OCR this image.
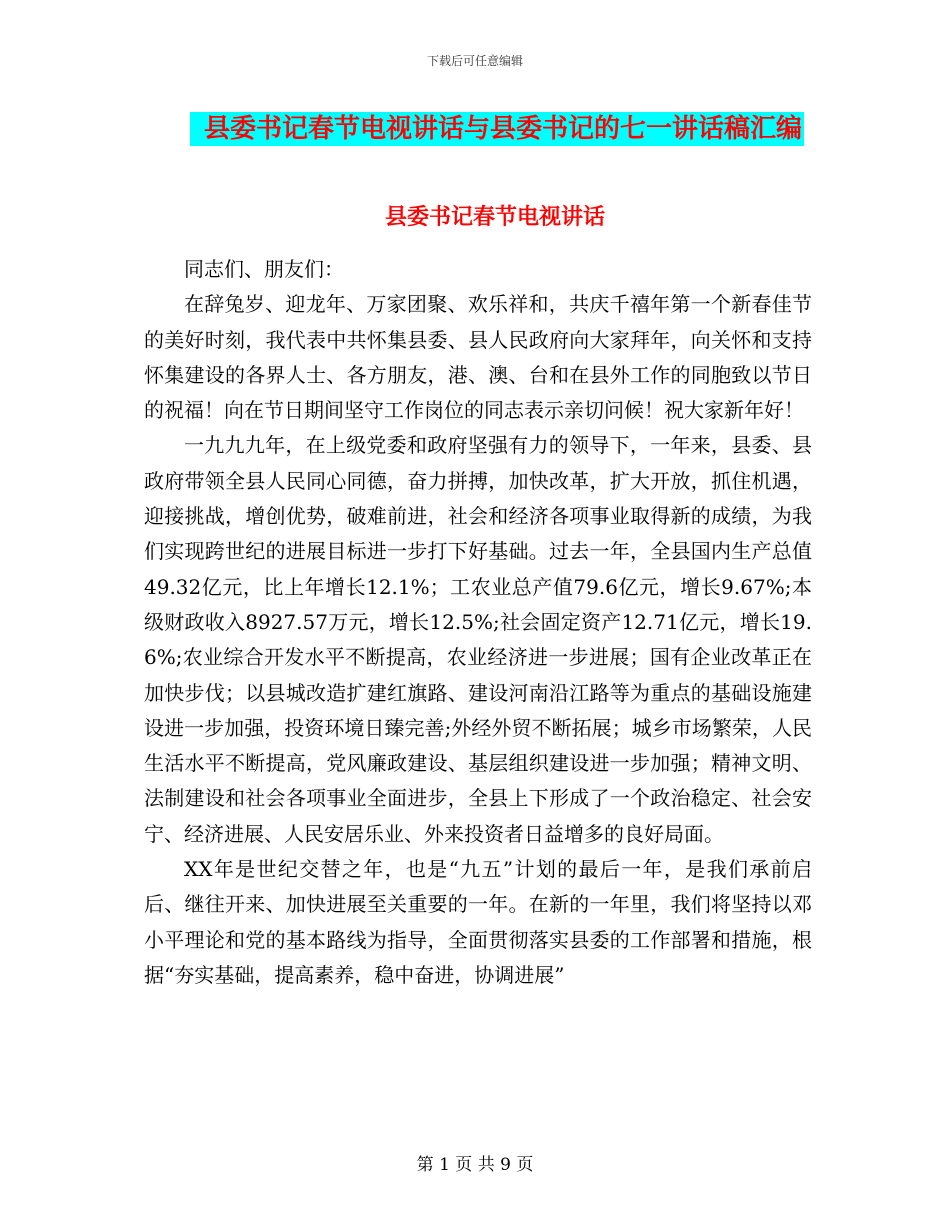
下载后可任意编辑
县委书记春节电视讲话与县委书记的七一讲话稿汇编
县委书记春节电视讲话

同志们、朋友们：

在辞兔岁、迎龙年、万家团聚、欢乐祥和，共庆千禧年第一个新春佳节的美好时刻，我代表中共怀集县委、县人民政府向大家拜年，向关怀和支持怀集建设的各界人士、各方朋友，港、澳、台和在县外工作的同胞致以节日的祝福！向在节日期间坚守工作岗位的同志表示亲切问候！祝大家新年好！

一九九九年，在上级党委和政府坚强有力的领导下，一年来，县委、县政府带领全县人民同心同德，奋力拼搏，加快改革，扩大开放，抓住机遇，迎接挑战，增创优势，破难前进，社会和经济各项事业取得新的成绩，为我们实现跨世纪的进展目标进一步打下好基础。过去一年，全县国内生产总值49.32亿元，比上年增长12.1%；工农业总产值79.6亿元，增长9.67%;本级财政收入8927.57万元，增长12.5%;社会固定资产12.71亿元，增长19.6%;农业综合开发水平不断提高，农业经济进一步进展；国有企业改革正在加快步伐；以县城改造扩建红旗路、建设河南沿江路等为重点的基础设施建设进一步加强，投资环境日臻完善;外经外贸不断拓展；城乡市场繁荣，人民生活水平不断提高，党风廉政建设、基层组织建设进一步加强；精神文明、法制建设和社会各项事业全面进步，全县上下形成了一个政治稳定、社会安宁、经济进展、人民安居乐业、外来投资者日益增多的良好局面。

XX年是世纪交替之年，也是“九五”计划的最后一年，是我们承前启后、继往开来、加快进展至关重要的一年。在新的一年里，我们将坚持以邓小平理论和党的基本路线为指导，全面贯彻落实县委的工作部署和措施，根据“夯实基础，提高素养，稳中奋进，协调进展”

第 1 页 共 9 页
